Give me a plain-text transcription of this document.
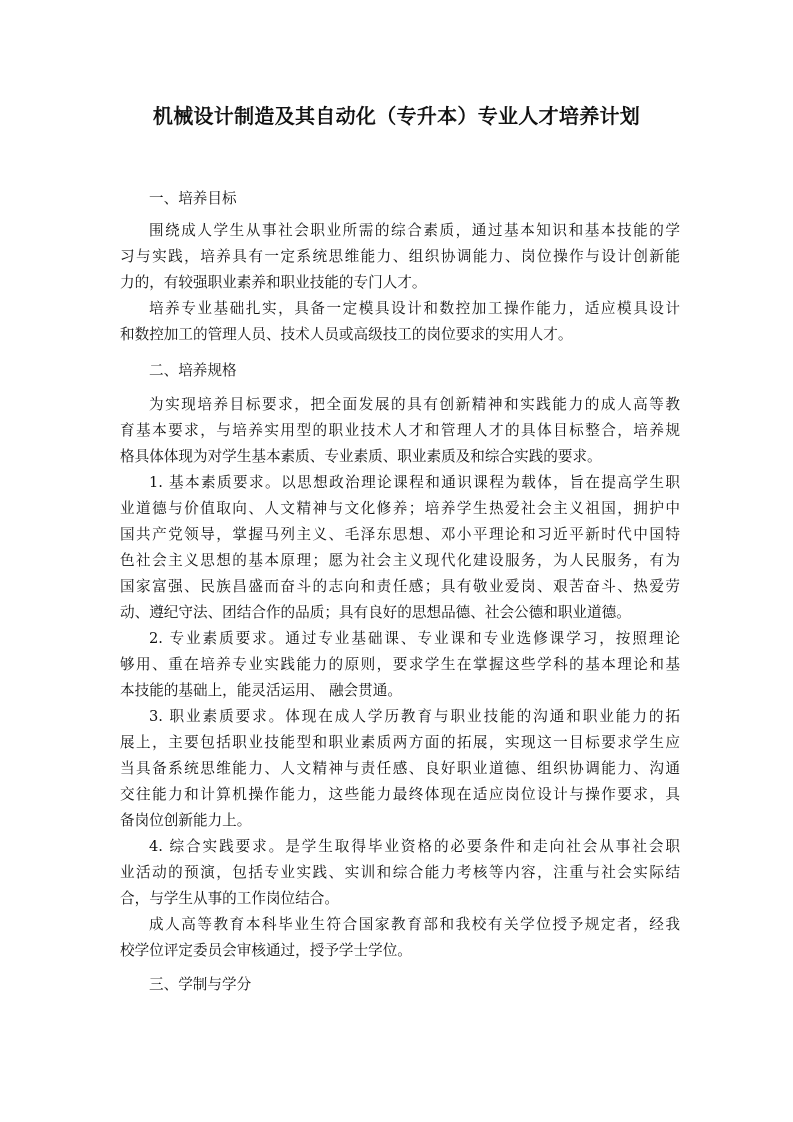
机械设计制造及其自动化（专升本）专业人才培养计划
一、培养目标
围绕成人学生从事社会职业所需的综合素质，通过基本知识和基本技能的学
习与实践，培养具有一定系统思维能力、组织协调能力、岗位操作与设计创新能
力的，有较强职业素养和职业技能的专门人才。
培养专业基础扎实，具备一定模具设计和数控加工操作能力，适应模具设计
和数控加工的管理人员、技术人员或高级技工的岗位要求的实用人才。
二、培养规格
为实现培养目标要求，把全面发展的具有创新精神和实践能力的成人高等教
育基本要求，与培养实用型的职业技术人才和管理人才的具体目标整合，培养规
格具体体现为对学生基本素质、专业素质、职业素质及和综合实践的要求。
1. 基本素质要求。以思想政治理论课程和通识课程为载体，旨在提高学生职
业道德与价值取向、人文精神与文化修养；培养学生热爱社会主义祖国，拥护中
国共产党领导，掌握马列主义、毛泽东思想、邓小平理论和习近平新时代中国特
色社会主义思想的基本原理；愿为社会主义现代化建设服务，为人民服务，有为
国家富强、民族昌盛而奋斗的志向和责任感；具有敬业爱岗、艰苦奋斗、热爱劳
动、遵纪守法、团结合作的品质；具有良好的思想品德、社会公德和职业道德。
2. 专业素质要求。通过专业基础课、专业课和专业选修课学习，按照理论
够用、重在培养专业实践能力的原则，要求学生在掌握这些学科的基本理论和基
本技能的基础上，能灵活运用、 融会贯通。
3. 职业素质要求。体现在成人学历教育与职业技能的沟通和职业能力的拓
展上，主要包括职业技能型和职业素质两方面的拓展，实现这一目标要求学生应
当具备系统思维能力、人文精神与责任感、良好职业道德、组织协调能力、沟通
交往能力和计算机操作能力，这些能力最终体现在适应岗位设计与操作要求，具
备岗位创新能力上。
4. 综合实践要求。是学生取得毕业资格的必要条件和走向社会从事社会职
业活动的预演，包括专业实践、实训和综合能力考核等内容，注重与社会实际结
合，与学生从事的工作岗位结合。
成人高等教育本科毕业生符合国家教育部和我校有关学位授予规定者，经我
校学位评定委员会审核通过，授予学士学位。
三、学制与学分
